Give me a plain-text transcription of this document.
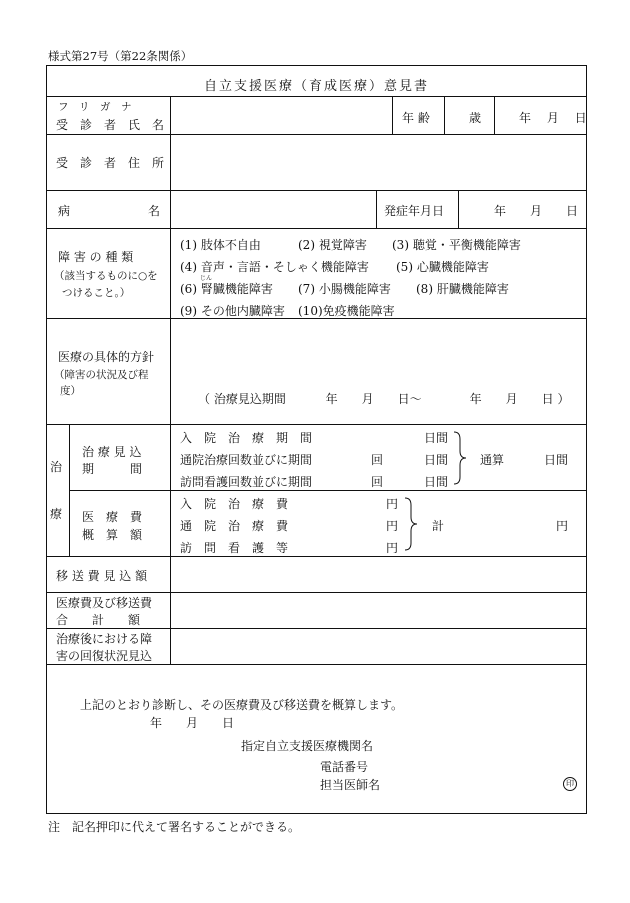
様式第27号（第22条関係）
自立支援医療（育成医療）意見書
フ　リ　ガ　ナ
受　診　者　氏　名	年 齢	歳	年　 月　 日
受　診　者　住　所
病	名	発症年月日	年　　月　　日
障 害 の 種 類
（該当するものに○を
つけること。）
(1) 肢体不自由	(2) 視覚障害 (3) 聴覚・平衡機能障害
(4) 音声・言語・そしゃく機能障害 (5) 心臓機能障害
じん
(6) 腎臓機能障害 (7) 小腸機能障害 (8) 肝臓機能障害
(9) その他内臓障害 (10)免疫機能障害
医療の具体的方針
（障害の状況及び程
度）
（ 治療見込期間　　　 年　　月　　日～　　　　年　　月　　日 ）
治
療
治 療 見 込
期　　　間
入　院　治　療　期　間	日間
通院治療回数並びに期間	回	日間
訪問看護回数並びに期間	回	日間
通算	日間
医　療　費
概　算　額
入　院　治　療　費	円
通　院　治　療　費	円
訪　問　看　護　等	円
計	円
移 送 費 見 込 額
医療費及び移送費
合　　計　　額
治療後における障
害の回復状況見込
上記のとおり診断し、その医療費及び移送費を概算します。
年　　月　　日
指定自立支援医療機関名
電話番号
担当医師名	印
注　記名押印に代えて署名することができる。
